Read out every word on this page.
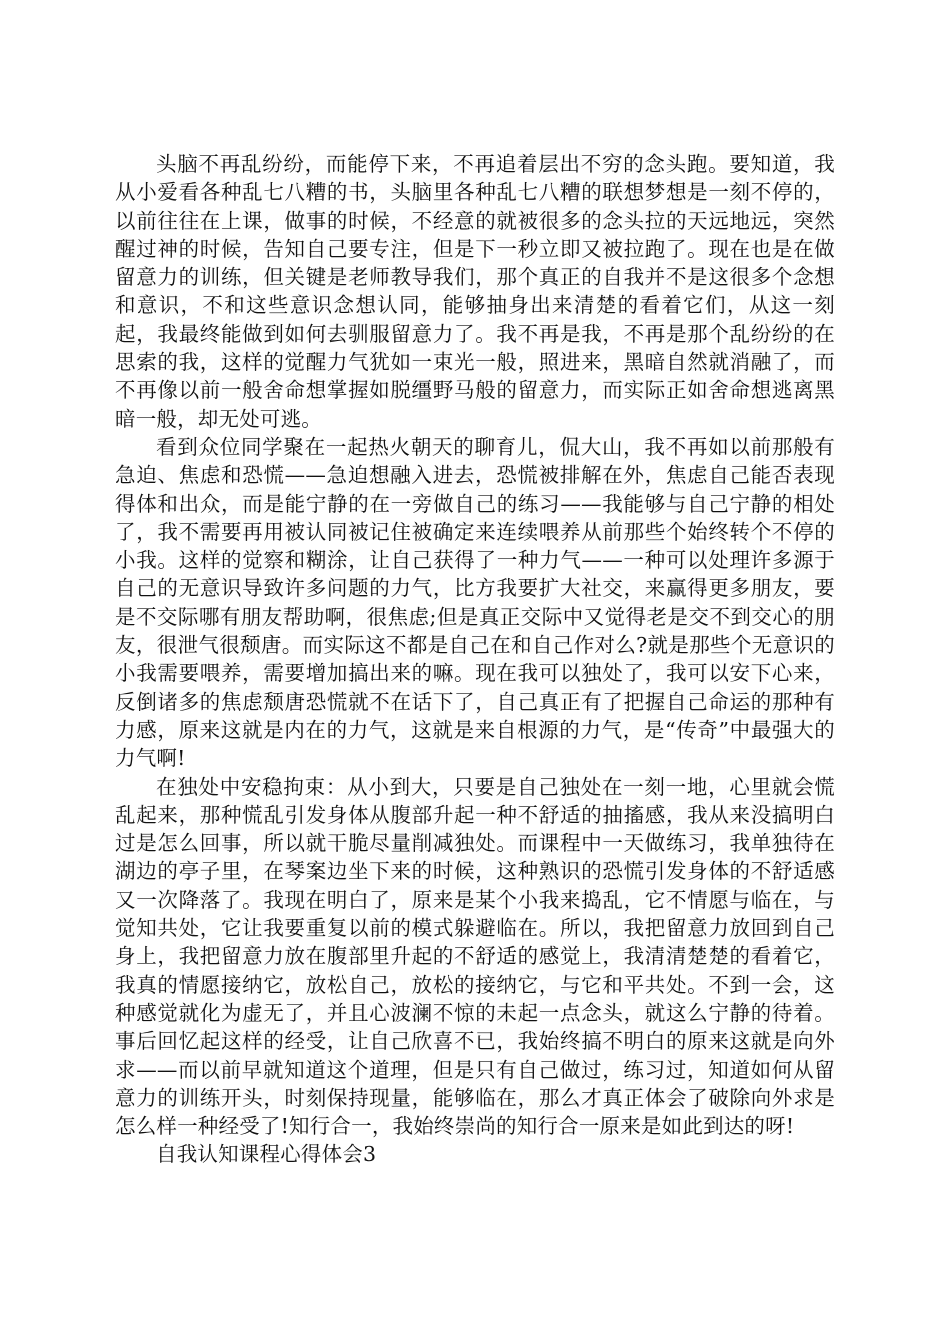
头脑不再乱纷纷，而能停下来，不再追着层出不穷的念头跑。要知道，我从小爱看各种乱七八糟的书，头脑里各种乱七八糟的联想梦想是一刻不停的，以前往往在上课，做事的时候，不经意的就被很多的念头拉的天远地远，突然醒过神的时候，告知自己要专注，但是下一秒立即又被拉跑了。现在也是在做留意力的训练，但关键是老师教导我们，那个真正的自我并不是这很多个念想和意识，不和这些意识念想认同，能够抽身出来清楚的看着它们，从这一刻起，我最终能做到如何去驯服留意力了。我不再是我，不再是那个乱纷纷的在思索的我，这样的觉醒力气犹如一束光一般，照进来，黑暗自然就消融了，而不再像以前一般舍命想掌握如脱缰野马般的留意力，而实际正如舍命想逃离黑暗一般，却无处可逃。

看到众位同学聚在一起热火朝天的聊育儿，侃大山，我不再如以前那般有急迫、焦虑和恐慌——急迫想融入进去，恐慌被排解在外，焦虑自己能否表现得体和出众，而是能宁静的在一旁做自己的练习——我能够与自己宁静的相处了，我不需要再用被认同被记住被确定来连续喂养从前那些个始终转个不停的小我。这样的觉察和糊涂，让自己获得了一种力气——一种可以处理许多源于自己的无意识导致许多问题的力气，比方我要扩大社交，来赢得更多朋友，要是不交际哪有朋友帮助啊，很焦虑;但是真正交际中又觉得老是交不到交心的朋友，很泄气很颓唐。而实际这不都是自己在和自己作对么?就是那些个无意识的小我需要喂养，需要增加搞出来的嘛。现在我可以独处了，我可以安下心来，反倒诸多的焦虑颓唐恐慌就不在话下了，自己真正有了把握自己命运的那种有力感，原来这就是内在的力气，这就是来自根源的力气，是“传奇”中最强大的力气啊!

在独处中安稳拘束：从小到大，只要是自己独处在一刻一地，心里就会慌乱起来，那种慌乱引发身体从腹部升起一种不舒适的抽搐感，我从来没搞明白过是怎么回事，所以就干脆尽量削减独处。而课程中一天做练习，我单独待在湖边的亭子里，在琴案边坐下来的时候，这种熟识的恐慌引发身体的不舒适感又一次降落了。我现在明白了，原来是某个小我来捣乱，它不情愿与临在，与觉知共处，它让我要重复以前的模式躲避临在。所以，我把留意力放回到自己身上，我把留意力放在腹部里升起的不舒适的感觉上，我清清楚楚的看着它，我真的情愿接纳它，放松自己，放松的接纳它，与它和平共处。不到一会，这种感觉就化为虚无了，并且心波澜不惊的未起一点念头，就这么宁静的待着。事后回忆起这样的经受，让自己欣喜不已，我始终搞不明白的原来这就是向外求——而以前早就知道这个道理，但是只有自己做过，练习过，知道如何从留意力的训练开头，时刻保持现量，能够临在，那么才真正体会了破除向外求是怎么样一种经受了!知行合一，我始终崇尚的知行合一原来是如此到达的呀!

自我认知课程心得体会3
